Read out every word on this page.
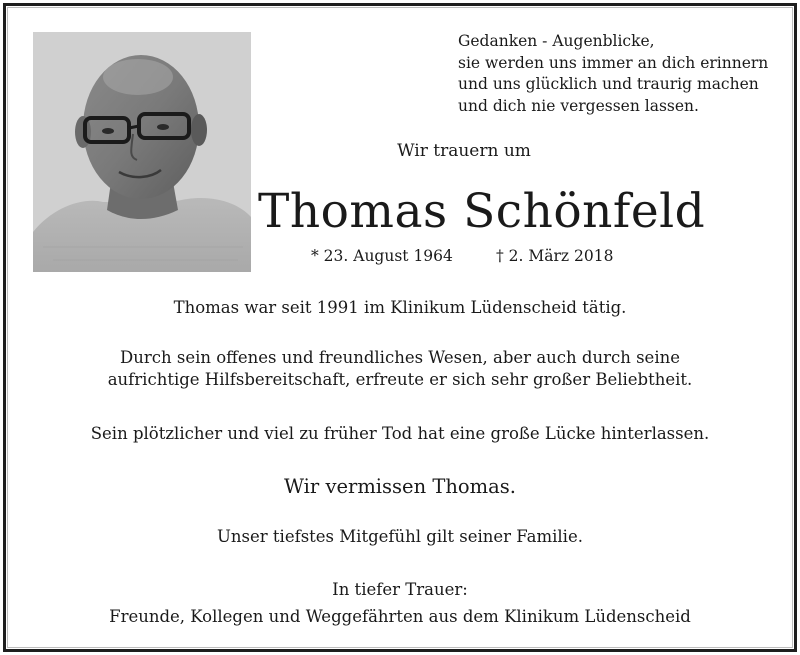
Gedanken - Augenblicke,
sie werden uns immer an dich erinnern
und uns glücklich und traurig machen
und dich nie vergessen lassen.
Wir trauern um
Thomas Schönfeld
* 23. August 1964	† 2. März 2018
Thomas war seit 1991 im Klinikum Lüdenscheid tätig.
Durch sein offenes und freundliches Wesen, aber auch durch seine
aufrichtige Hilfsbereitschaft, erfreute er sich sehr großer Beliebtheit.
Sein plötzlicher und viel zu früher Tod hat eine große Lücke hinterlassen.
Wir vermissen Thomas.
Unser tiefstes Mitgefühl gilt seiner Familie.
In tiefer Trauer:
Freunde, Kollegen und Weggefährten aus dem Klinikum Lüdenscheid
